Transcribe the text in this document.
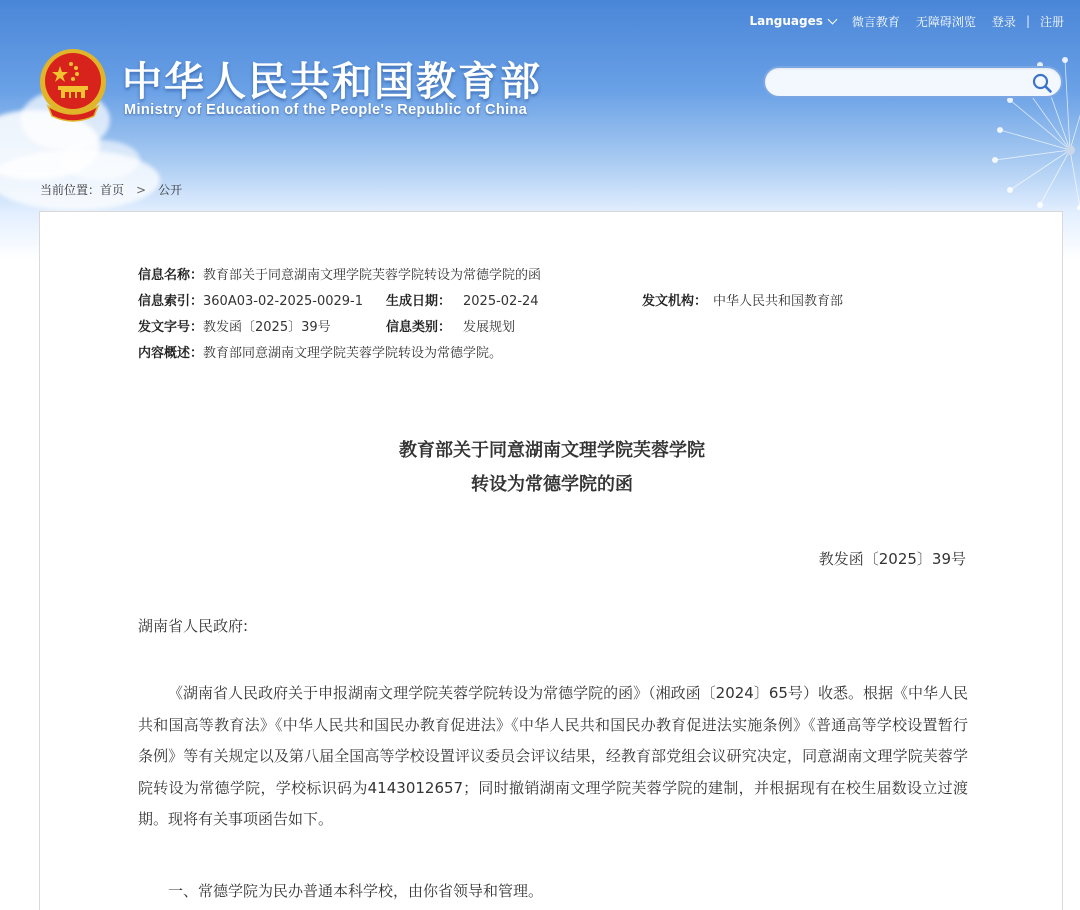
Languages 微言教育 无障碍浏览 登录 | 注册
中华人民共和国教育部
Ministry of Education of the People's Republic of China
当前位置： 首页 > 公开
信息名称：教育部关于同意湖南文理学院芙蓉学院转设为常德学院的函
信息索引：360A03-02-2025-0029-1 生成日期： 2025-02-24	发文机构： 中华人民共和国教育部
发文字号：教发函〔2025〕39号	信息类别： 发展规划
内容概述：教育部同意湖南文理学院芙蓉学院转设为常德学院。
教育部关于同意湖南文理学院芙蓉学院
转设为常德学院的函
教发函〔2025〕39号
湖南省人民政府:
《湖南省人民政府关于申报湖南文理学院芙蓉学院转设为常德学院的函》（湘政函〔2024〕65号）收悉。根据《中华人民共和国高等教育法》《中华人民共和国民办教育促进法》《中华人民共和国民办教育促进法实施条例》《普通高等学校设置暂行条例》等有关规定以及第八届全国高等学校设置评议委员会评议结果，经教育部党组会议研究决定，同意湖南文理学院芙蓉学院转设为常德学院，学校标识码为4143012657；同时撤销湖南文理学院芙蓉学院的建制，并根据现有在校生届数设立过渡期。现将有关事项函告如下。
一、常德学院为民办普通本科学校，由你省领导和管理。
